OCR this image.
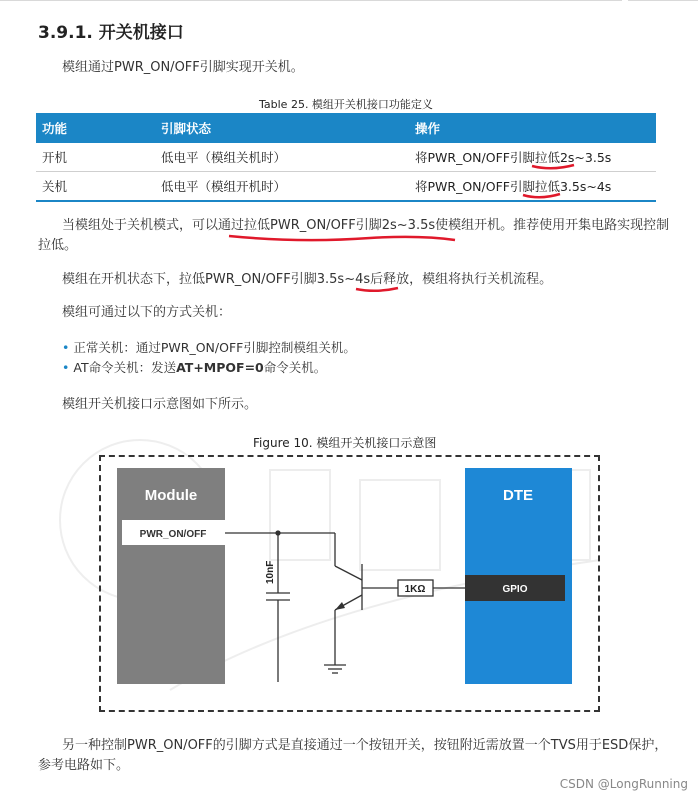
3.9.1. 开关机接口
模组通过PWR_ON/OFF引脚实现开关机。
Table 25. 模组开关机接口功能定义
功能	引脚状态	操作
开机	低电平（模组关机时）	将PWR_ON/OFF引脚拉低2s~3.5s
关机	低电平（模组开机时）	将PWR_ON/OFF引脚拉低3.5s~4s
当模组处于关机模式，可以通过拉低PWR_ON/OFF引脚2s~3.5s使模组开机。推荐使用开集电路实现控制
拉低。
模组在开机状态下，拉低PWR_ON/OFF引脚3.5s~4s后释放，模组将执行关机流程。
模组可通过以下的方式关机：
• 正常关机：通过PWR_ON/OFF引脚控制模组关机。
• AT命令关机：发送AT+MPOF=0命令关机。
模组开关机接口示意图如下所示。
Figure 10. 模组开关机接口示意图
Module
PWR_ON/OFF
DTE
GPIO
1KΩ
10nF
另一种控制PWR_ON/OFF的引脚方式是直接通过一个按钮开关，按钮附近需放置一个TVS用于ESD保护，
参考电路如下。
CSDN @LongRunning
